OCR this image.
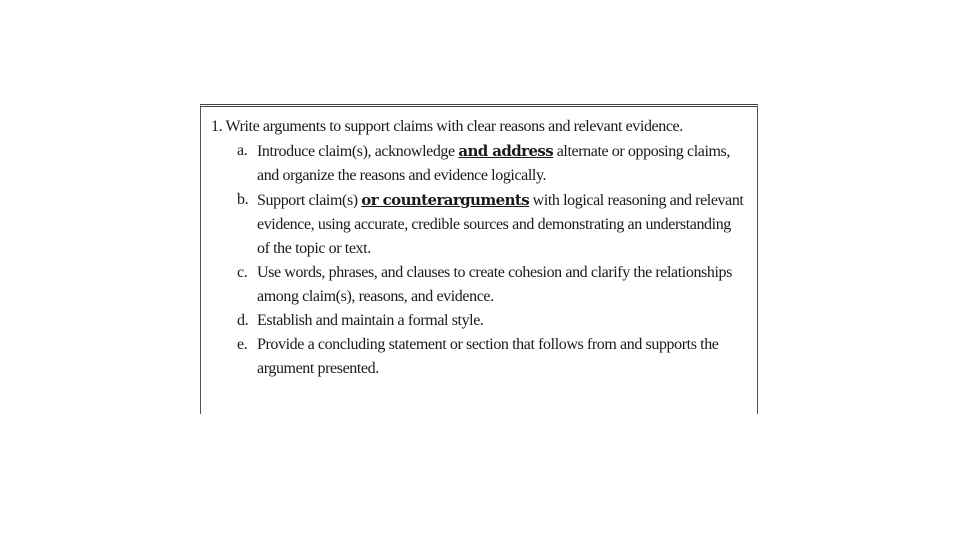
1. Write arguments to support claims with clear reasons and relevant evidence.

a. Introduce claim(s), acknowledge and address alternate or opposing claims, and organize the reasons and evidence logically.
b. Support claim(s) or counterarguments with logical reasoning and relevant evidence, using accurate, credible sources and demonstrating an understanding of the topic or text.
c. Use words, phrases, and clauses to create cohesion and clarify the relationships among claim(s), reasons, and evidence.
d. Establish and maintain a formal style.
e. Provide a concluding statement or section that follows from and supports the argument presented.
